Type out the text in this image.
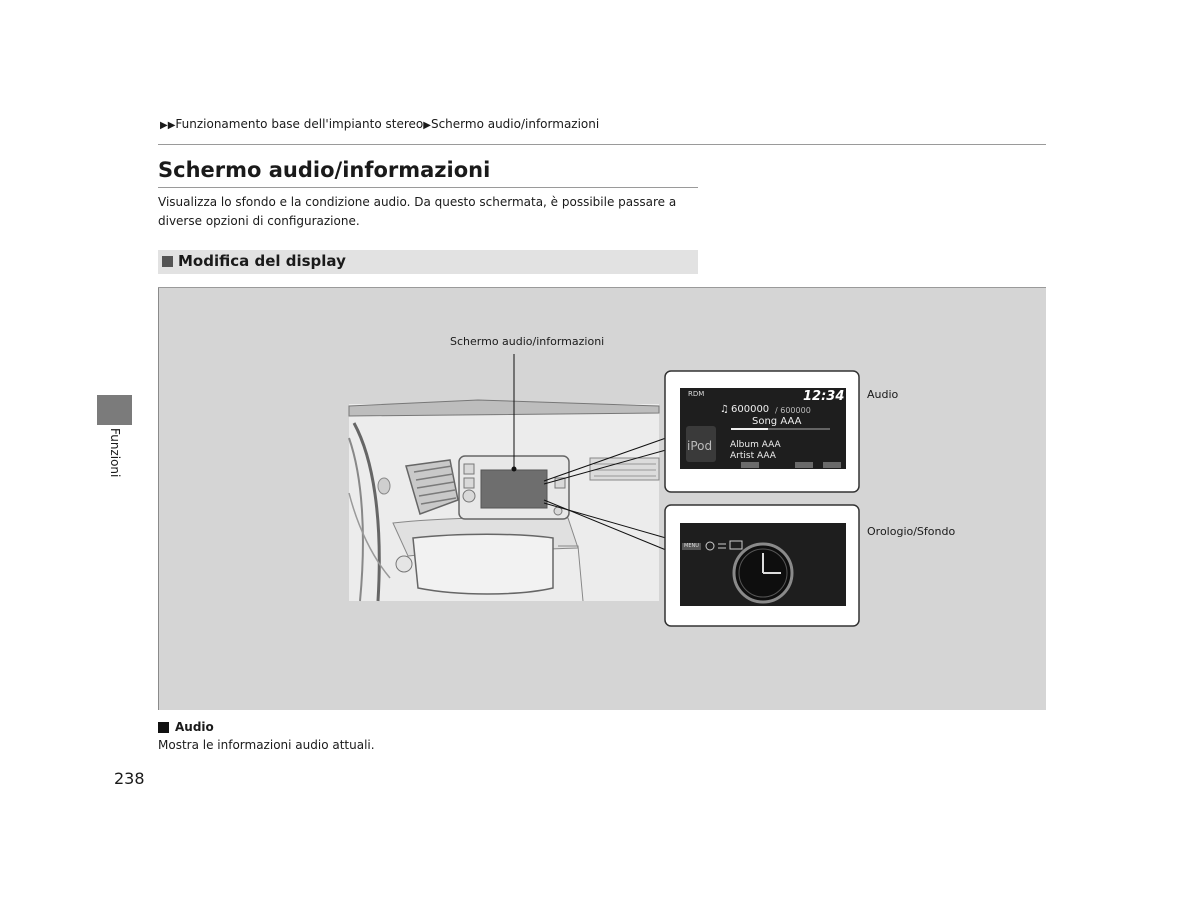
▶▶Funzionamento base dell'impianto stereo▶Schermo audio/informazioni
Schermo audio/informazioni
Visualizza lo sfondo e la condizione audio. Da questo schermata, è possibile passare a diverse opzioni di configurazione.
Modifica del display
Funzioni
Schermo audio/informazioni
Audio
Orologio/Sfondo
RDM	12:34
♫ 600000 / 600000
Song AAA
Album AAA
Artist AAA
iPod
MENU
Audio
Mostra le informazioni audio attuali.
238
